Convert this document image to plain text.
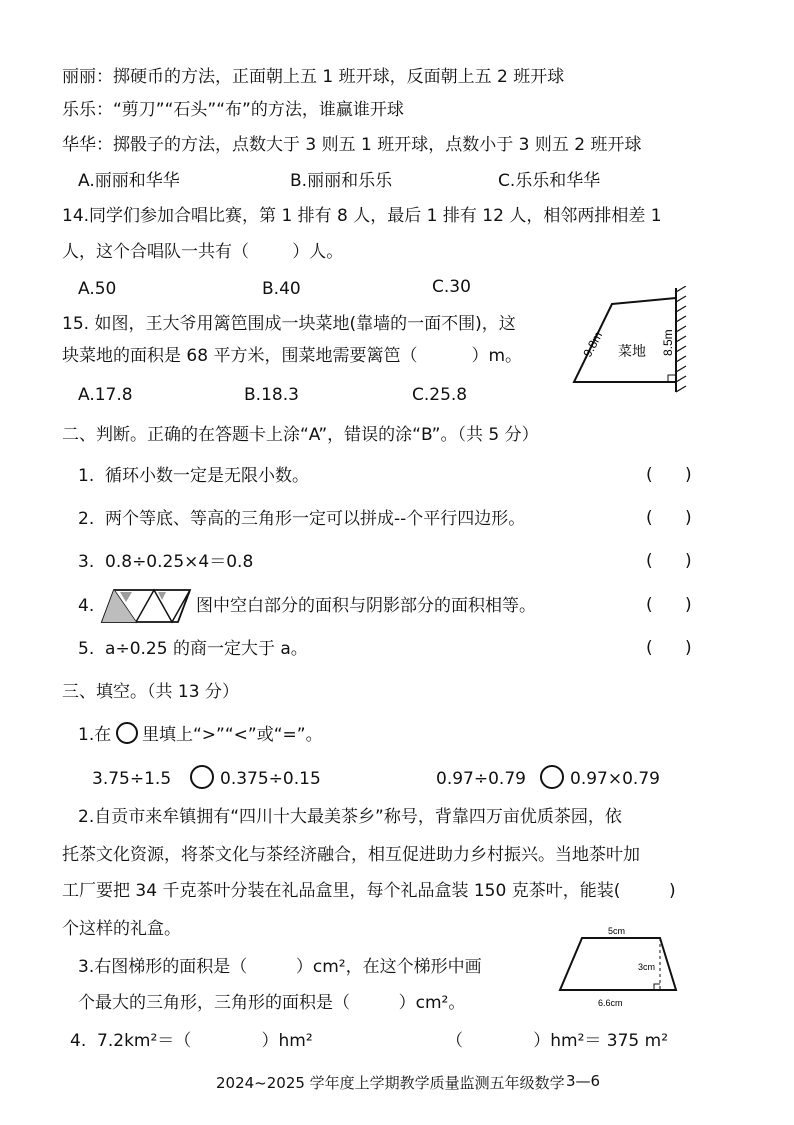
丽丽：掷硬币的方法，正面朝上五 1 班开球，反面朝上五 2 班开球
乐乐：“剪刀”“石头”“布”的方法，谁赢谁开球
华华：掷骰子的方法，点数大于 3 则五 1 班开球，点数小于 3 则五 2 班开球
A.丽丽和华华	B.丽丽和乐乐	C.乐乐和华华
14.同学们参加合唱比赛，第 1 排有 8 人，最后 1 排有 12 人，相邻两排相差 1
人，这个合唱队一共有（        ）人。
A.50	B.40	C.30
15. 如图，王大爷用篱笆围成一块菜地(靠墙的一面不围)，这
块菜地的面积是 68 平方米，围菜地需要篱笆（          ）m。
A.17.8	B.18.3	C.25.8
9.8m	8.5m
菜地
二、判断。正确的在答题卡上涂“A”，错误的涂“B”。（共 5 分）
1.  循环小数一定是无限小数。
2.  两个等底、等高的三角形一定可以拼成--个平行四边形。
3.  0.8÷0.25×4＝0.8
4.	图中空白部分的面积与阴影部分的面积相等。
5.  a÷0.25 的商一定大于 a。
(      )
(      )
(      )
(      )
(      )
三、填空。（共 13 分）
1.在 里填上“>”“<”或“=”。
3.75÷1.5	0.375÷0.15	0.97÷0.79	0.97×0.79
2.自贡市来牟镇拥有“四川十大最美茶乡”称号，背靠四万亩优质茶园，依
托茶文化资源，将茶文化与茶经济融合，相互促进助力乡村振兴。当地茶叶加
工厂要把 34 千克茶叶分装在礼品盒里，每个礼品盒装 150 克茶叶，能装(         )
个这样的礼盒。
3.右图梯形的面积是（         ）cm²，在这个梯形中画
个最大的三角形，三角形的面积是（         ）cm²。
5cm
3cm
6.6cm
4.  7.2km²＝（             ）hm²	（             ）hm²＝ 375 m²
2024~2025 学年度上学期教学质量监测五年级数学 3—6
